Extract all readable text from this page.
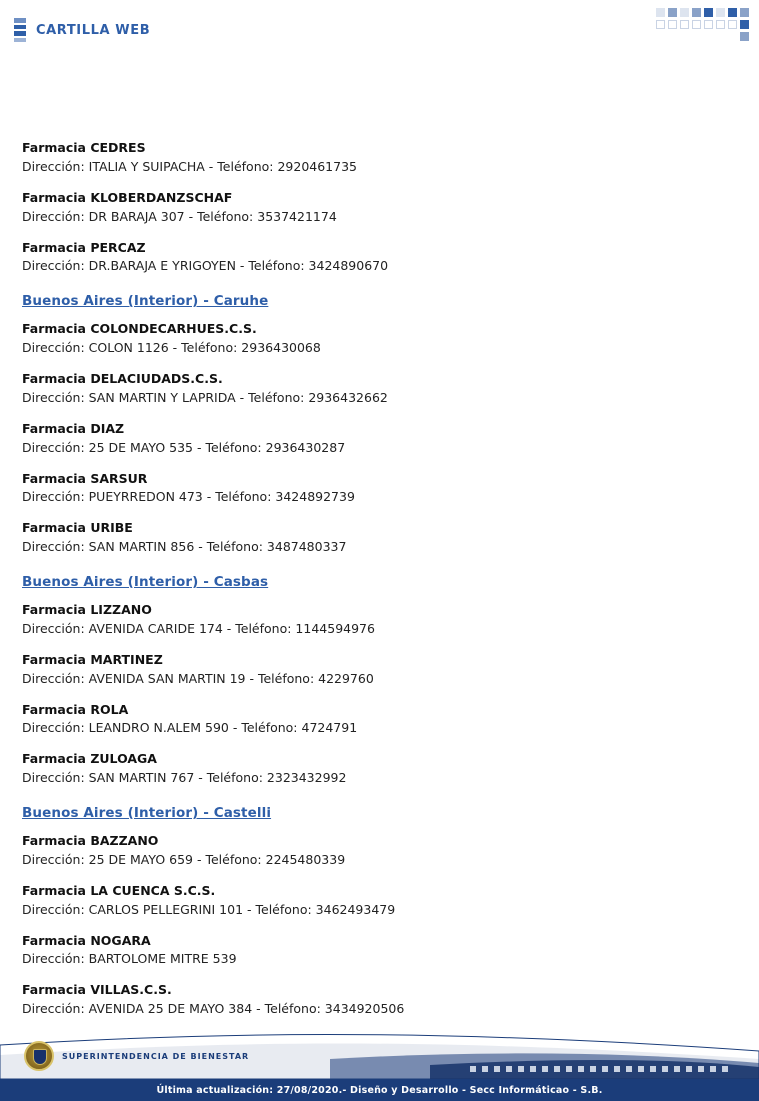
CARTILLA WEB
Farmacia CEDRES
Dirección: ITALIA Y SUIPACHA - Teléfono: 2920461735
Farmacia KLOBERDANZSCHAF
Dirección: DR BARAJA 307 - Teléfono: 3537421174
Farmacia PERCAZ
Dirección: DR.BARAJA E YRIGOYEN - Teléfono: 3424890670
Buenos Aires (Interior) - Caruhe
Farmacia COLONDECARHUES.C.S.
Dirección: COLON 1126 - Teléfono: 2936430068
Farmacia DELACIUDADS.C.S.
Dirección: SAN MARTIN Y LAPRIDA - Teléfono: 2936432662
Farmacia DIAZ
Dirección: 25 DE MAYO 535 - Teléfono: 2936430287
Farmacia SARSUR
Dirección: PUEYRREDON 473 - Teléfono: 3424892739
Farmacia URIBE
Dirección: SAN MARTIN 856 - Teléfono: 3487480337
Buenos Aires (Interior) - Casbas
Farmacia LIZZANO
Dirección: AVENIDA CARIDE 174 - Teléfono: 1144594976
Farmacia MARTINEZ
Dirección: AVENIDA SAN MARTIN 19 - Teléfono: 4229760
Farmacia ROLA
Dirección: LEANDRO N.ALEM 590 - Teléfono: 4724791
Farmacia ZULOAGA
Dirección: SAN MARTIN 767 - Teléfono: 2323432992
Buenos Aires (Interior) - Castelli
Farmacia BAZZANO
Dirección: 25 DE MAYO 659 - Teléfono: 2245480339
Farmacia LA CUENCA S.C.S.
Dirección: CARLOS PELLEGRINI 101 - Teléfono: 3462493479
Farmacia NOGARA
Dirección: BARTOLOME MITRE 539
Farmacia VILLAS.C.S.
Dirección: AVENIDA 25 DE MAYO 384 - Teléfono: 3434920506
SUPERINTENDENCIA DE BIENESTAR
Última actualización: 27/08/2020.- Diseño y Desarrollo - Secc Informáticao - S.B.
